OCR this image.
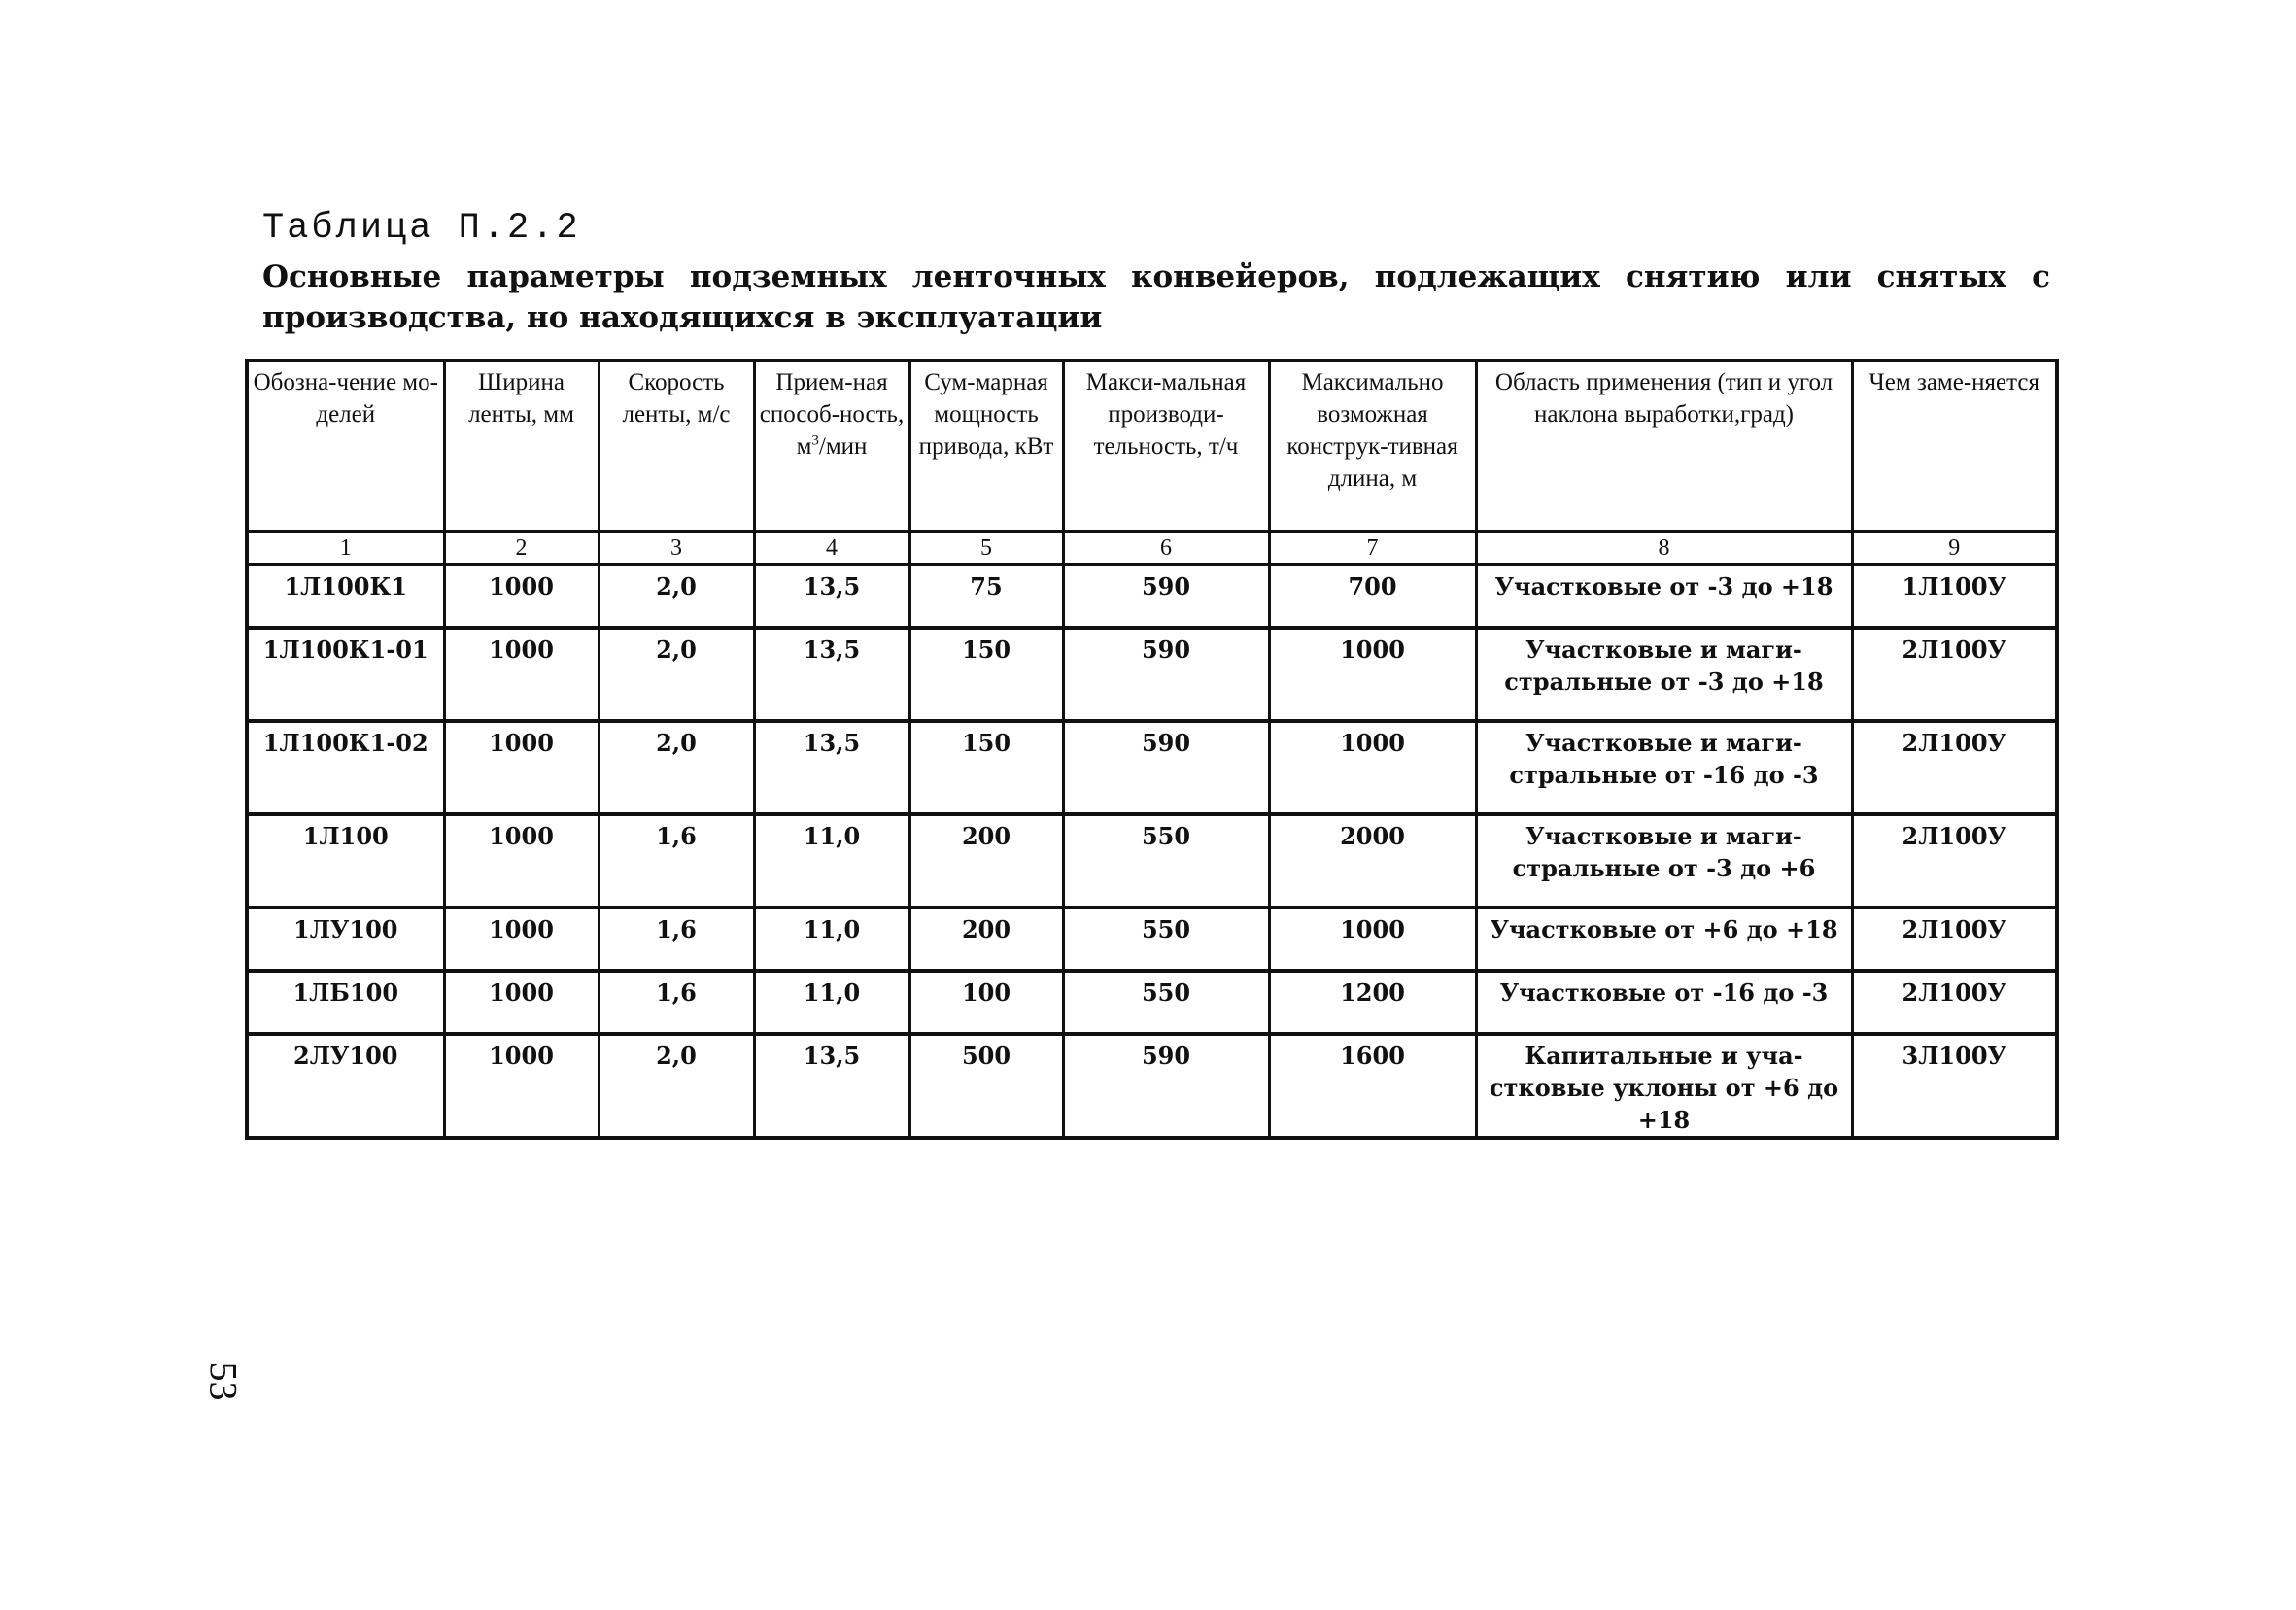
Таблица П.2.2
Основные параметры подземных ленточных конвейеров, подлежащих снятию или снятых с производства, но находящихся в эксплуатации
Обозна-чение мо-делей	Ширина ленты, мм	Скорость ленты, м/с	Прием-ная способ-ность, $м^3$/мин	Сум-марная мощность привода, кВт	Макси-мальная производи-тельность, т/ч	Максимально возможная конструк-тивная длина, м	Область применения (тип и угол наклона выработки,град)	Чем заме-няется
1	2	3	4	5	6	7	8	9
1Л100К1	1000	2,0	13,5	75	590	700	Участковые от -3 до +18	1Л100У
1Л100К1-01	1000	2,0	13,5	150	590	1000	Участковые и маги-стральные от -3 до +18	2Л100У
1Л100К1-02	1000	2,0	13,5	150	590	1000	Участковые и маги-стральные от -16 до -3	2Л100У
1Л100	1000	1,6	11,0	200	550	2000	Участковые и маги-стральные от -3 до +6	2Л100У
1ЛУ100	1000	1,6	11,0	200	550	1000	Участковые от +6 до +18	2Л100У
1ЛБ100	1000	1,6	11,0	100	550	1200	Участковые от -16 до -3	2Л100У
2ЛУ100	1000	2,0	13,5	500	590	1600	Капитальные и уча-стковые уклоны от +6 до +18	3Л100У
53
